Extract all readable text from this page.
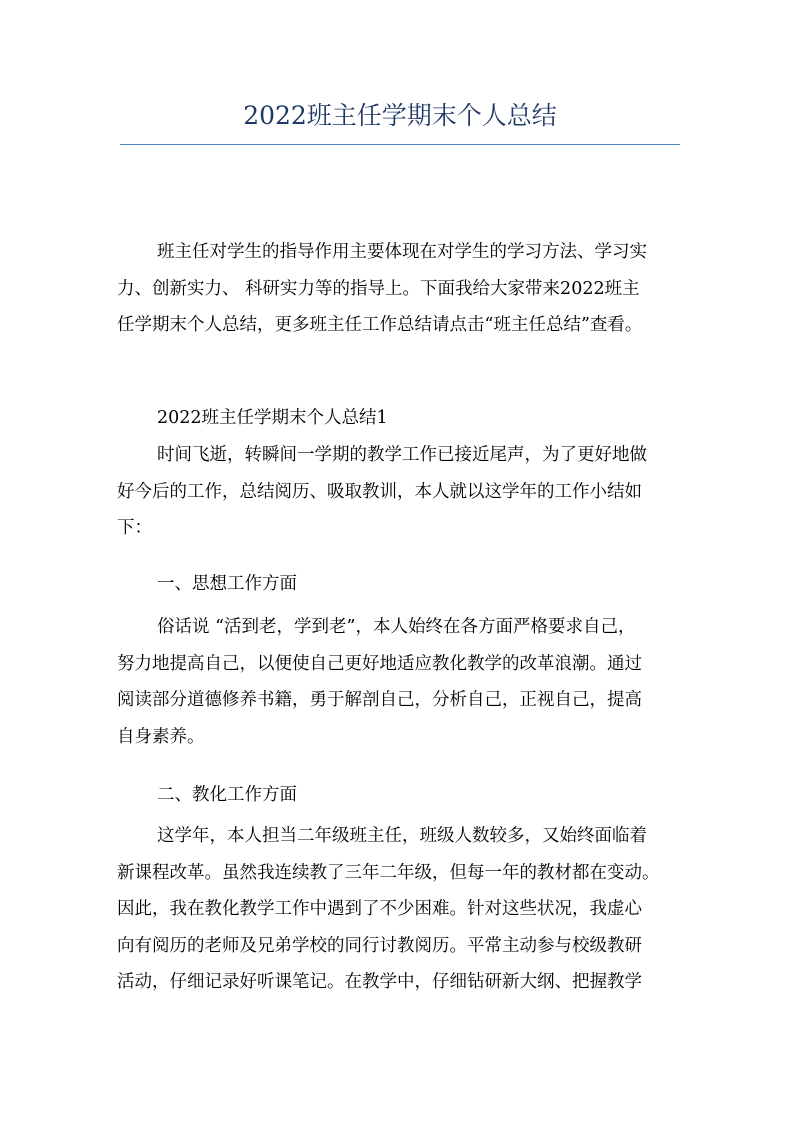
2022班主任学期末个人总结
班主任对学生的指导作用主要体现在对学生的学习方法、学习实
力、创新实力、 科研实力等的指导上。下面我给大家带来2022班主
任学期末个人总结，更多班主任工作总结请点击“班主任总结”查看。
2022班主任学期末个人总结1
时间飞逝，转瞬间一学期的教学工作已接近尾声，为了更好地做
好今后的工作，总结阅历、吸取教训，本人就以这学年的工作小结如
下：
一、思想工作方面
俗话说 “活到老，学到老”，本人始终在各方面严格要求自己，
努力地提高自己，以便使自己更好地适应教化教学的改革浪潮。通过
阅读部分道德修养书籍，勇于解剖自己，分析自己，正视自己，提高
自身素养。
二、教化工作方面
这学年，本人担当二年级班主任，班级人数较多，又始终面临着
新课程改革。虽然我连续教了三年二年级，但每一年的教材都在变动。
因此，我在教化教学工作中遇到了不少困难。针对这些状况，我虚心
向有阅历的老师及兄弟学校的同行讨教阅历。平常主动参与校级教研
活动，仔细记录好听课笔记。在教学中，仔细钻研新大纲、把握教学
